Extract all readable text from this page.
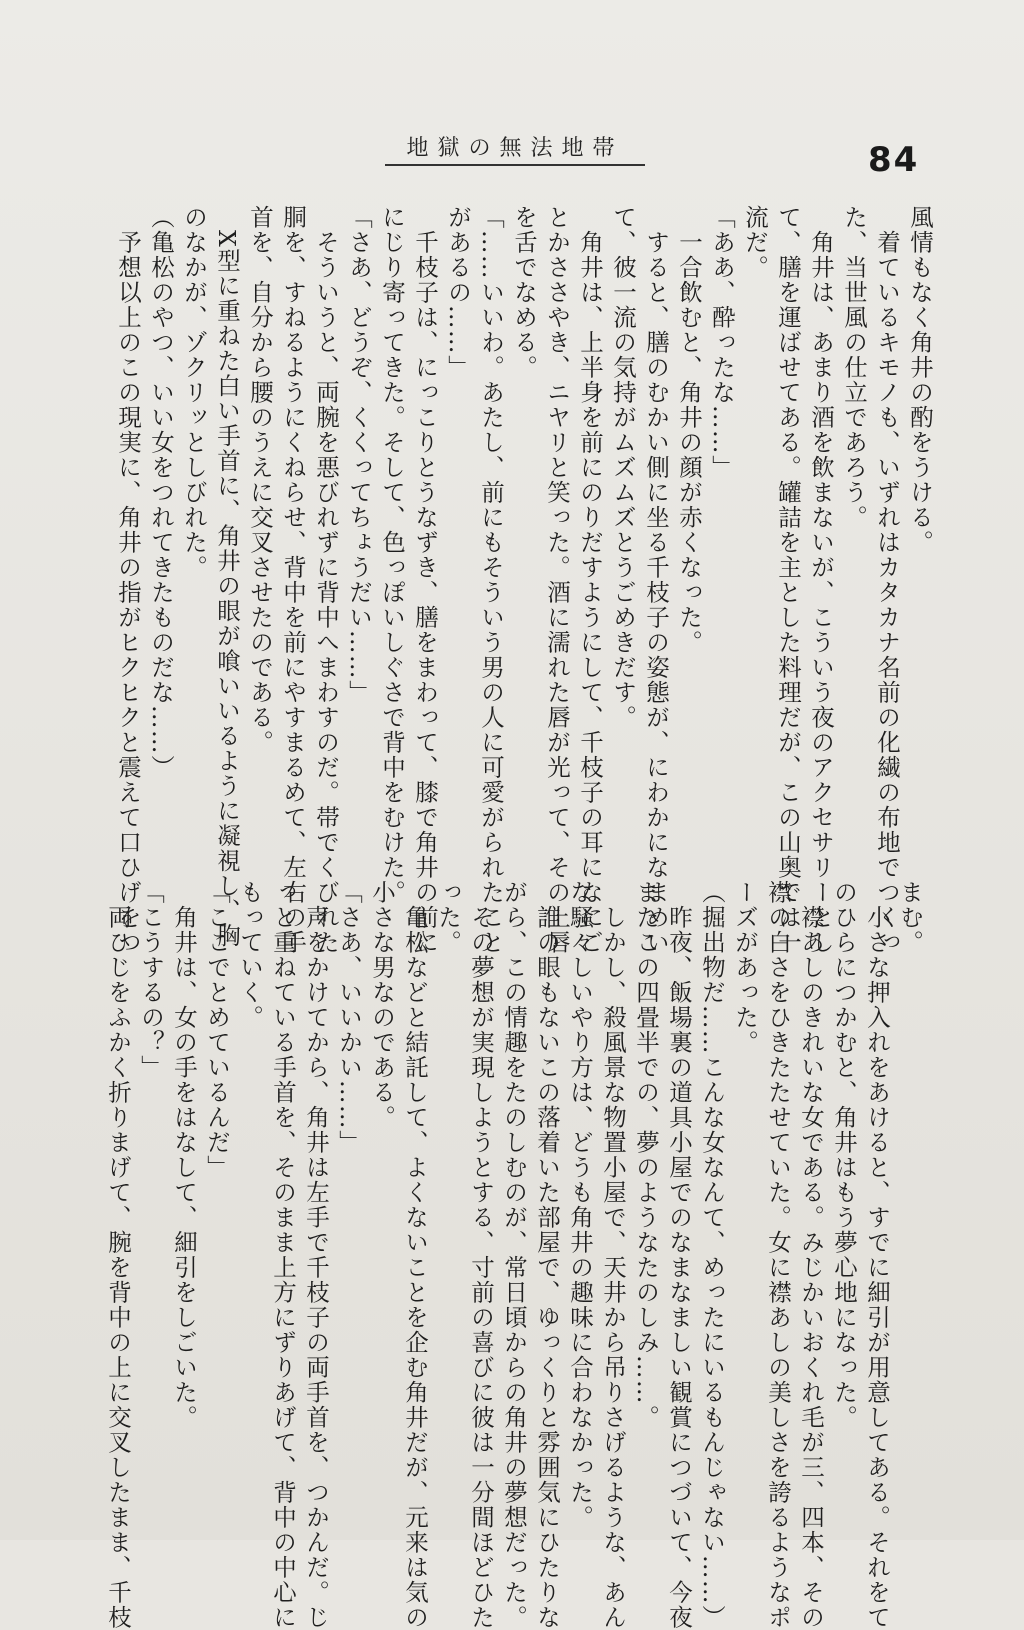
地獄の無法地帯	84
風情もなく角井の酌をうける。
　着ているキモノも、いずれはカタカナ名前の化繊の布地でつくっ
た、当世風の仕立であろう。
　角井は、あまり酒を飲まないが、こういう夜のアクセサリーとし
て、膳を運ばせてある。罐詰を主とした料理だが、この山奥では一
流だ。
「ああ、酔ったな……」
　一合飲むと、角井の顔が赤くなった。
　すると、膳のむかい側に坐る千枝子の姿態が、にわかになまめい
て、彼一流の気持がムズムズとうごめきだす。
　角井は、上半身を前にのりだすようにして、千枝子の耳になにご
とかささやき、ニヤリと笑った。酒に濡れた唇が光って、その上唇
を舌でなめる。
「……いいわ。あたし、前にもそういう男の人に可愛がられたこと
があるの……」
　千枝子は、にっこりとうなずき、膳をまわって、膝で角井の前に
にじり寄ってきた。そして、色っぽいしぐさで背中をむけた。
「さあ、どうぞ、くくってちょうだい……」
　そういうと、両腕を悪びれずに背中へまわすのだ。帯でくびれた
胴を、すねるようにくねらせ、背中を前にやすまるめて、左右の手
首を、自分から腰のうえに交叉させたのである。
　X型に重ねた白い手首に、角井の眼が喰いいるように凝視し、胸
のなかが、ゾクリッとしびれた。
（亀松のやつ、いい女をつれてきたものだな……）
　予想以上のこの現実に、角井の指がヒクヒクと震えて口ひげをつ	まむ。
　小さな押入れをあけると、すでに細引が用意してある。それをて
のひらにつかむと、角井はもう夢心地になった。
　襟あしのきれいな女である。みじかいおくれ毛が三、四本、その
襟の白さをひきたたせていた。女に襟あしの美しさを誇るようなポ
ーズがあった。
（掘出物だ……こんな女なんて、めったにいるもんじゃない……）
　昨夜、飯場裏の道具小屋でのなまなましい観賞につづいて、今夜
またこの四畳半での、夢のようなたのしみ……。
　しかし、殺風景な物置小屋で、天井から吊りさげるような、あん
な騒々しいやり方は、どうも角井の趣味に合わなかった。
　誰の眼もないこの落着いた部屋で、ゆっくりと雰囲気にひたりな
がら、この情趣をたのしむのが、常日頃からの角井の夢想だった。
　その夢想が実現しようとする、寸前の喜びに彼は一分間ほどひた
った。
　亀松などと結託して、よくないことを企む角井だが、元来は気の
小さな男なのである。
「さあ、いいかい……」
　声をかけてから、角井は左手で千枝子の両手首を、つかんだ。じ
っと重ねている手首を、そのまま上方にずりあげて、背中の中心に
もっていく。
「ここでとめているんだ」
　角井は、女の手をはなして、細引をしごいた。
「こうするの？」
　両ひじをふかく折りまげて、腕を背中の上に交叉したまま、千枝
